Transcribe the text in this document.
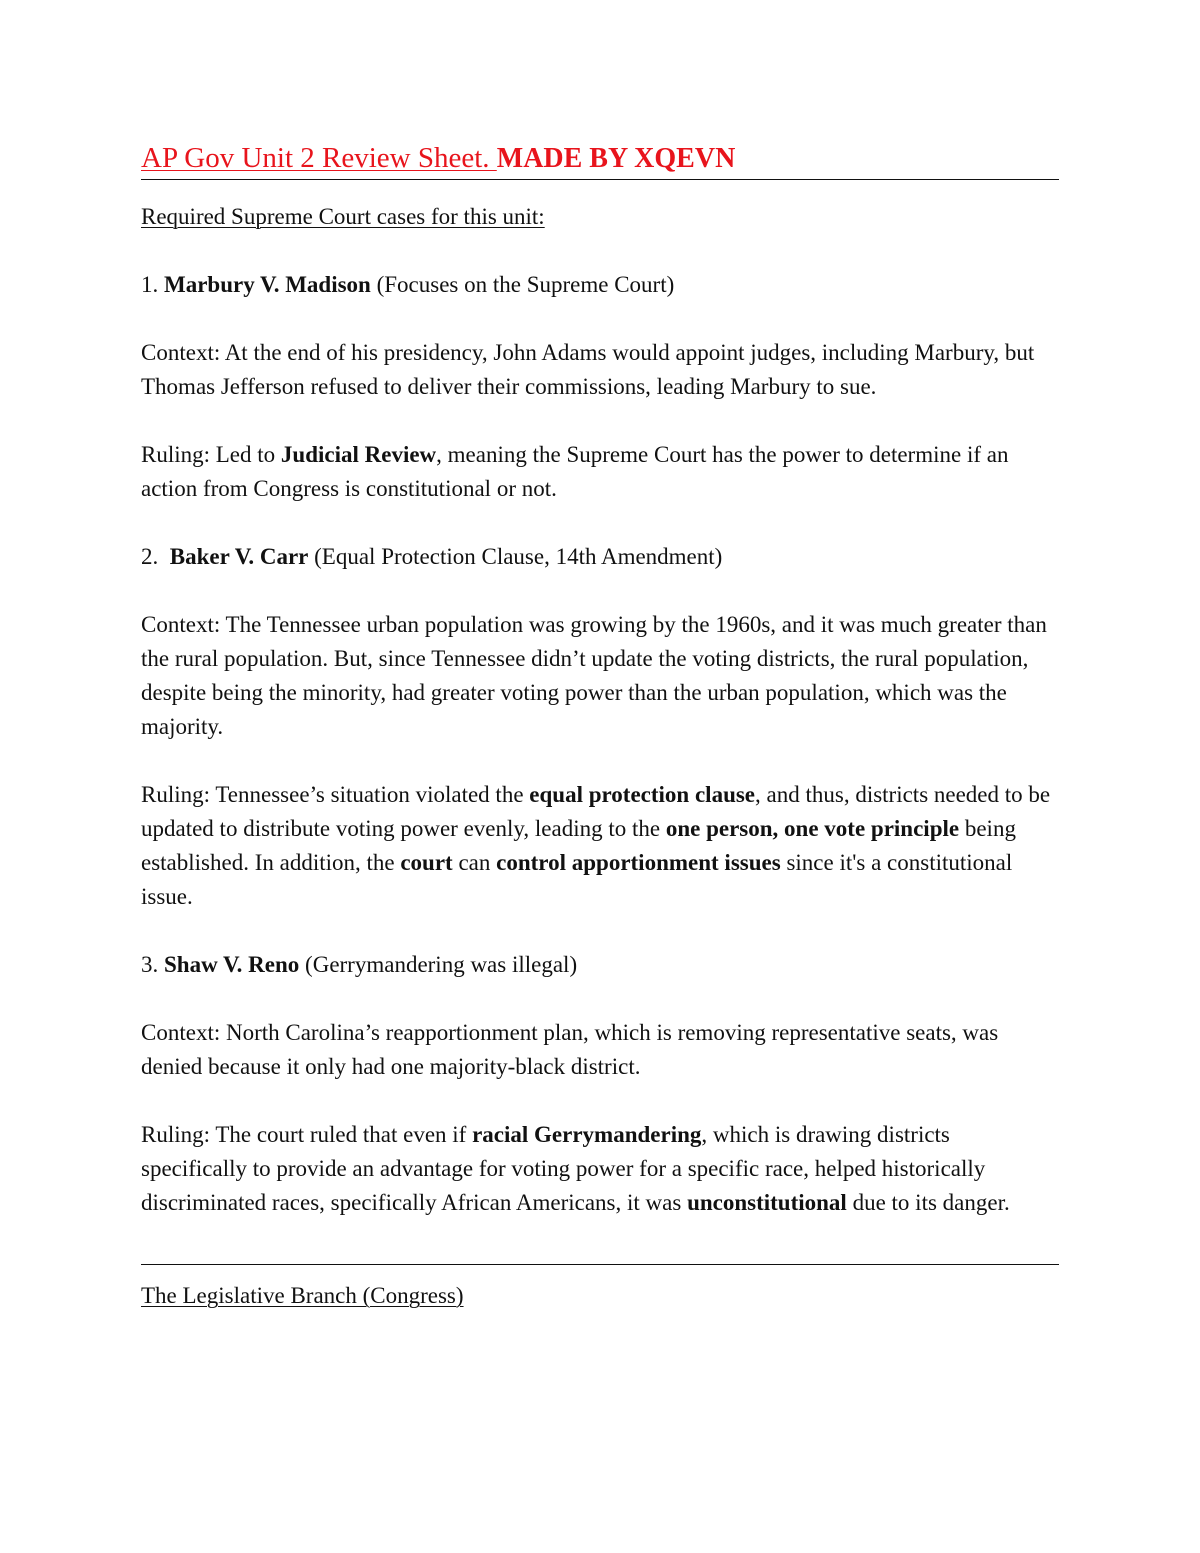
AP Gov Unit 2 Review Sheet. MADE BY XQEVN

Required Supreme Court cases for this unit:

1. Marbury V. Madison (Focuses on the Supreme Court)

Context: At the end of his presidency, John Adams would appoint judges, including Marbury, but Thomas Jefferson refused to deliver their commissions, leading Marbury to sue.

Ruling: Led to Judicial Review, meaning the Supreme Court has the power to determine if an action from Congress is constitutional or not.

2.  Baker V. Carr (Equal Protection Clause, 14th Amendment)

Context: The Tennessee urban population was growing by the 1960s, and it was much greater than the rural population. But, since Tennessee didn’t update the voting districts, the rural population, despite being the minority, had greater voting power than the urban population, which was the majority.

Ruling: Tennessee’s situation violated the equal protection clause, and thus, districts needed to be updated to distribute voting power evenly, leading to the one person, one vote principle being established. In addition, the court can control apportionment issues since it's a constitutional issue.

3. Shaw V. Reno (Gerrymandering was illegal)

Context: North Carolina’s reapportionment plan, which is removing representative seats, was denied because it only had one majority-black district.

Ruling: The court ruled that even if racial Gerrymandering, which is drawing districts specifically to provide an advantage for voting power for a specific race, helped historically discriminated races, specifically African Americans, it was unconstitutional due to its danger.

The Legislative Branch (Congress)
